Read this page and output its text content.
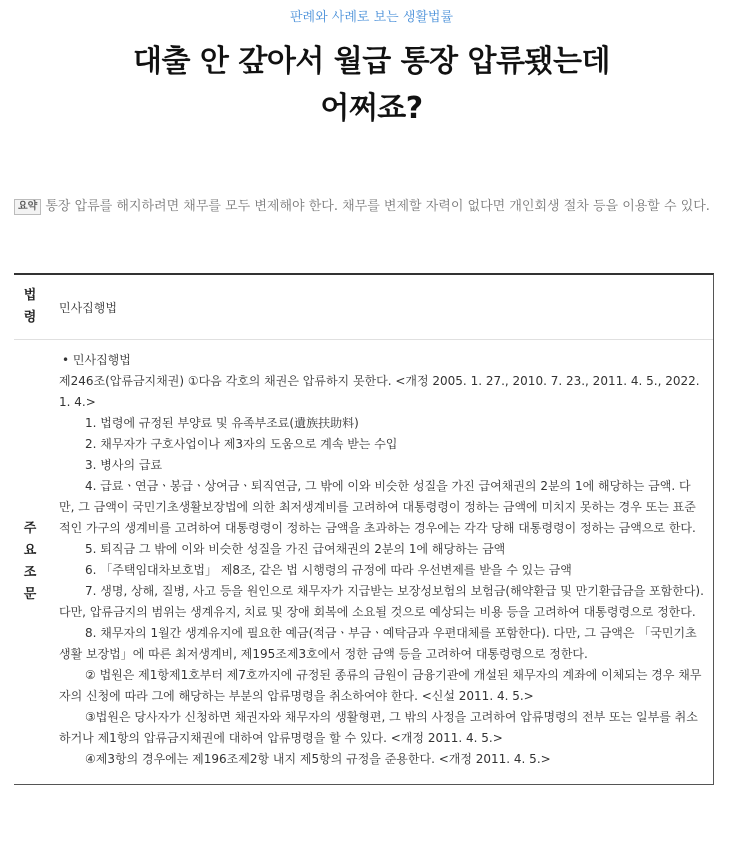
판례와 사례로 보는 생활법률
대출 안 갚아서 월급 통장 압류됐는데
어쩌죠?
요약 통장 압류를 해지하려면 채무를 모두 변제해야 한다. 채무를 변제할 자력이 없다면 개인회생 절차 등을 이용할 수 있다.
법령
민사집행법
주요조문
• 민사집행법
제246조(압류금지채권) ①다음 각호의 채권은 압류하지 못한다. <개정 2005. 1. 27., 2010. 7. 23., 2011. 4. 5., 2022. 1. 4.>
1. 법령에 규정된 부양료 및 유족부조료(遺族扶助料)
2. 채무자가 구호사업이나 제3자의 도움으로 계속 받는 수입
3. 병사의 급료
4. 급료ㆍ연금ㆍ봉급ㆍ상여금ㆍ퇴직연금, 그 밖에 이와 비슷한 성질을 가진 급여채권의 2분의 1에 해당하는 금액. 다만, 그 금액이 국민기초생활보장법에 의한 최저생계비를 고려하여 대통령령이 정하는 금액에 미치지 못하는 경우 또는 표준적인 가구의 생계비를 고려하여 대통령령이 정하는 금액을 초과하는 경우에는 각각 당해 대통령령이 정하는 금액으로 한다.
5. 퇴직금 그 밖에 이와 비슷한 성질을 가진 급여채권의 2분의 1에 해당하는 금액
6. 「주택임대차보호법」 제8조, 같은 법 시행령의 규정에 따라 우선변제를 받을 수 있는 금액
7. 생명, 상해, 질병, 사고 등을 원인으로 채무자가 지급받는 보장성보험의 보험금(해약환급 및 만기환급금을 포함한다). 다만, 압류금지의 범위는 생계유지, 치료 및 장애 회복에 소요될 것으로 예상되는 비용 등을 고려하여 대통령령으로 정한다.
8. 채무자의 1월간 생계유지에 필요한 예금(적금ㆍ부금ㆍ예탁금과 우편대체를 포함한다). 다만, 그 금액은 「국민기초생활 보장법」에 따른 최저생계비, 제195조제3호에서 정한 금액 등을 고려하여 대통령령으로 정한다.
② 법원은 제1항제1호부터 제7호까지에 규정된 종류의 금원이 금융기관에 개설된 채무자의 계좌에 이체되는 경우 채무자의 신청에 따라 그에 해당하는 부분의 압류명령을 취소하여야 한다. <신설 2011. 4. 5.>
③법원은 당사자가 신청하면 채권자와 채무자의 생활형편, 그 밖의 사정을 고려하여 압류명령의 전부 또는 일부를 취소하거나 제1항의 압류금지채권에 대하여 압류명령을 할 수 있다. <개정 2011. 4. 5.>
④제3항의 경우에는 제196조제2항 내지 제5항의 규정을 준용한다. <개정 2011. 4. 5.>
